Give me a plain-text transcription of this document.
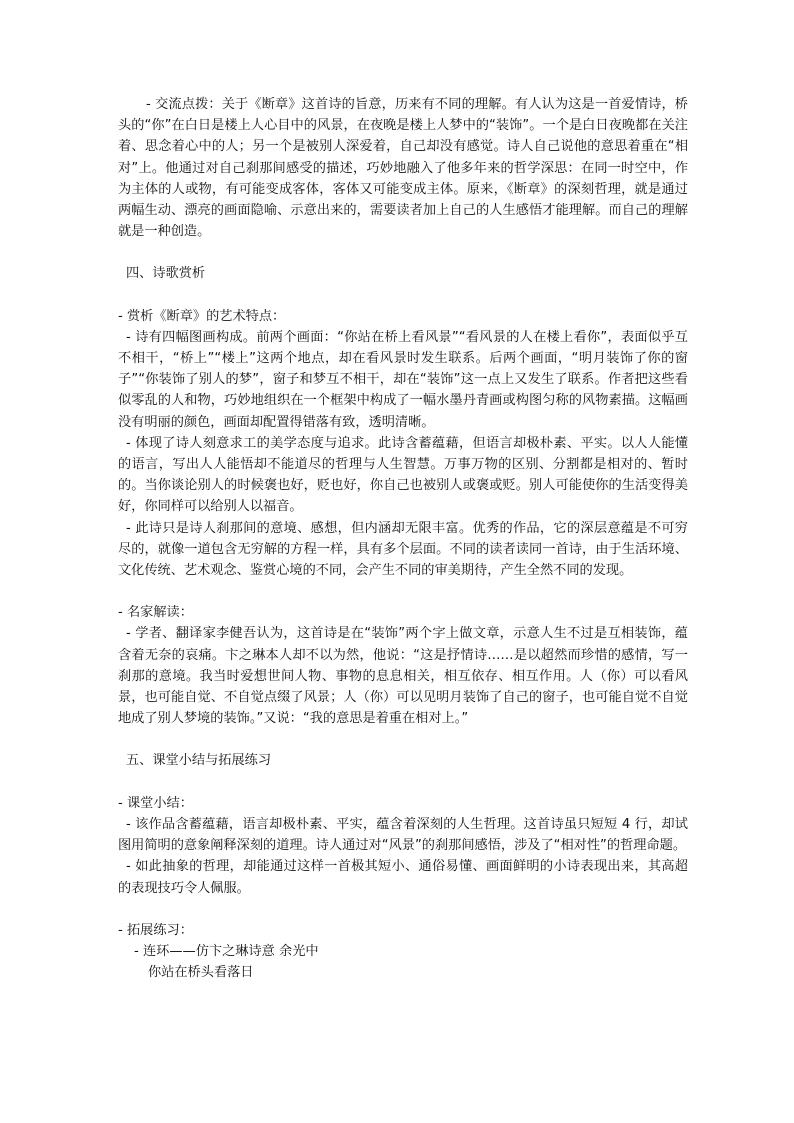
- 交流点拨：关于《断章》这首诗的旨意，历来有不同的理解。有人认为这是一首爱情诗，桥头的“你”在白日是楼上人心目中的风景，在夜晚是楼上人梦中的“装饰”。一个是白日夜晚都在关注着、思念着心中的人；另一个是被别人深爱着，自己却没有感觉。诗人自己说他的意思着重在“相对”上。他通过对自己刹那间感受的描述，巧妙地融入了他多年来的哲学深思：在同一时空中，作为主体的人或物，有可能变成客体，客体又可能变成主体。原来，《断章》的深刻哲理，就是通过两幅生动、漂亮的画面隐喻、示意出来的，需要读者加上自己的人生感悟才能理解。而自己的理解就是一种创造。

四、诗歌赏析

- 赏析《断章》的艺术特点：

- 诗有四幅图画构成。前两个画面：“你站在桥上看风景”“看风景的人在楼上看你”，表面似乎互不相干，“桥上”“楼上”这两个地点，却在看风景时发生联系。后两个画面，“明月装饰了你的窗子”“你装饰了别人的梦”，窗子和梦互不相干，却在“装饰”这一点上又发生了联系。作者把这些看似零乱的人和物，巧妙地组织在一个框架中构成了一幅水墨丹青画或构图匀称的风物素描。这幅画没有明丽的颜色，画面却配置得错落有致，透明清晰。

- 体现了诗人刻意求工的美学态度与追求。此诗含蓄蕴藉，但语言却极朴素、平实。以人人能懂的语言，写出人人能悟却不能道尽的哲理与人生智慧。万事万物的区别、分割都是相对的、暂时的。当你谈论别人的时候褒也好，贬也好，你自己也被别人或褒或贬。别人可能使你的生活变得美好，你同样可以给别人以福音。

- 此诗只是诗人刹那间的意境、感想，但内涵却无限丰富。优秀的作品，它的深层意蕴是不可穷尽的，就像一道包含无穷解的方程一样，具有多个层面。不同的读者读同一首诗，由于生活环境、文化传统、艺术观念、鉴赏心境的不同，会产生不同的审美期待，产生全然不同的发现。

- 名家解读：

- 学者、翻译家李健吾认为，这首诗是在“装饰”两个字上做文章，示意人生不过是互相装饰，蕴含着无奈的哀痛。卞之琳本人却不以为然，他说：“这是抒情诗……是以超然而珍惜的感情，写一刹那的意境。我当时爱想世间人物、事物的息息相关，相互依存、相互作用。人（你）可以看风景，也可能自觉、不自觉点缀了风景；人（你）可以见明月装饰了自己的窗子，也可能自觉不自觉地成了别人梦境的装饰。”又说：“我的意思是着重在相对上。”

五、课堂小结与拓展练习

- 课堂小结：

- 该作品含蓄蕴藉，语言却极朴素、平实，蕴含着深刻的人生哲理。这首诗虽只短短 4 行，却试图用简明的意象阐释深刻的道理。诗人通过对“风景”的刹那间感悟，涉及了“相对性”的哲理命题。

- 如此抽象的哲理，却能通过这样一首极其短小、通俗易懂、画面鲜明的小诗表现出来，其高超的表现技巧令人佩服。

- 拓展练习：

- 连环——仿卞之琳诗意 余光中

你站在桥头看落日
